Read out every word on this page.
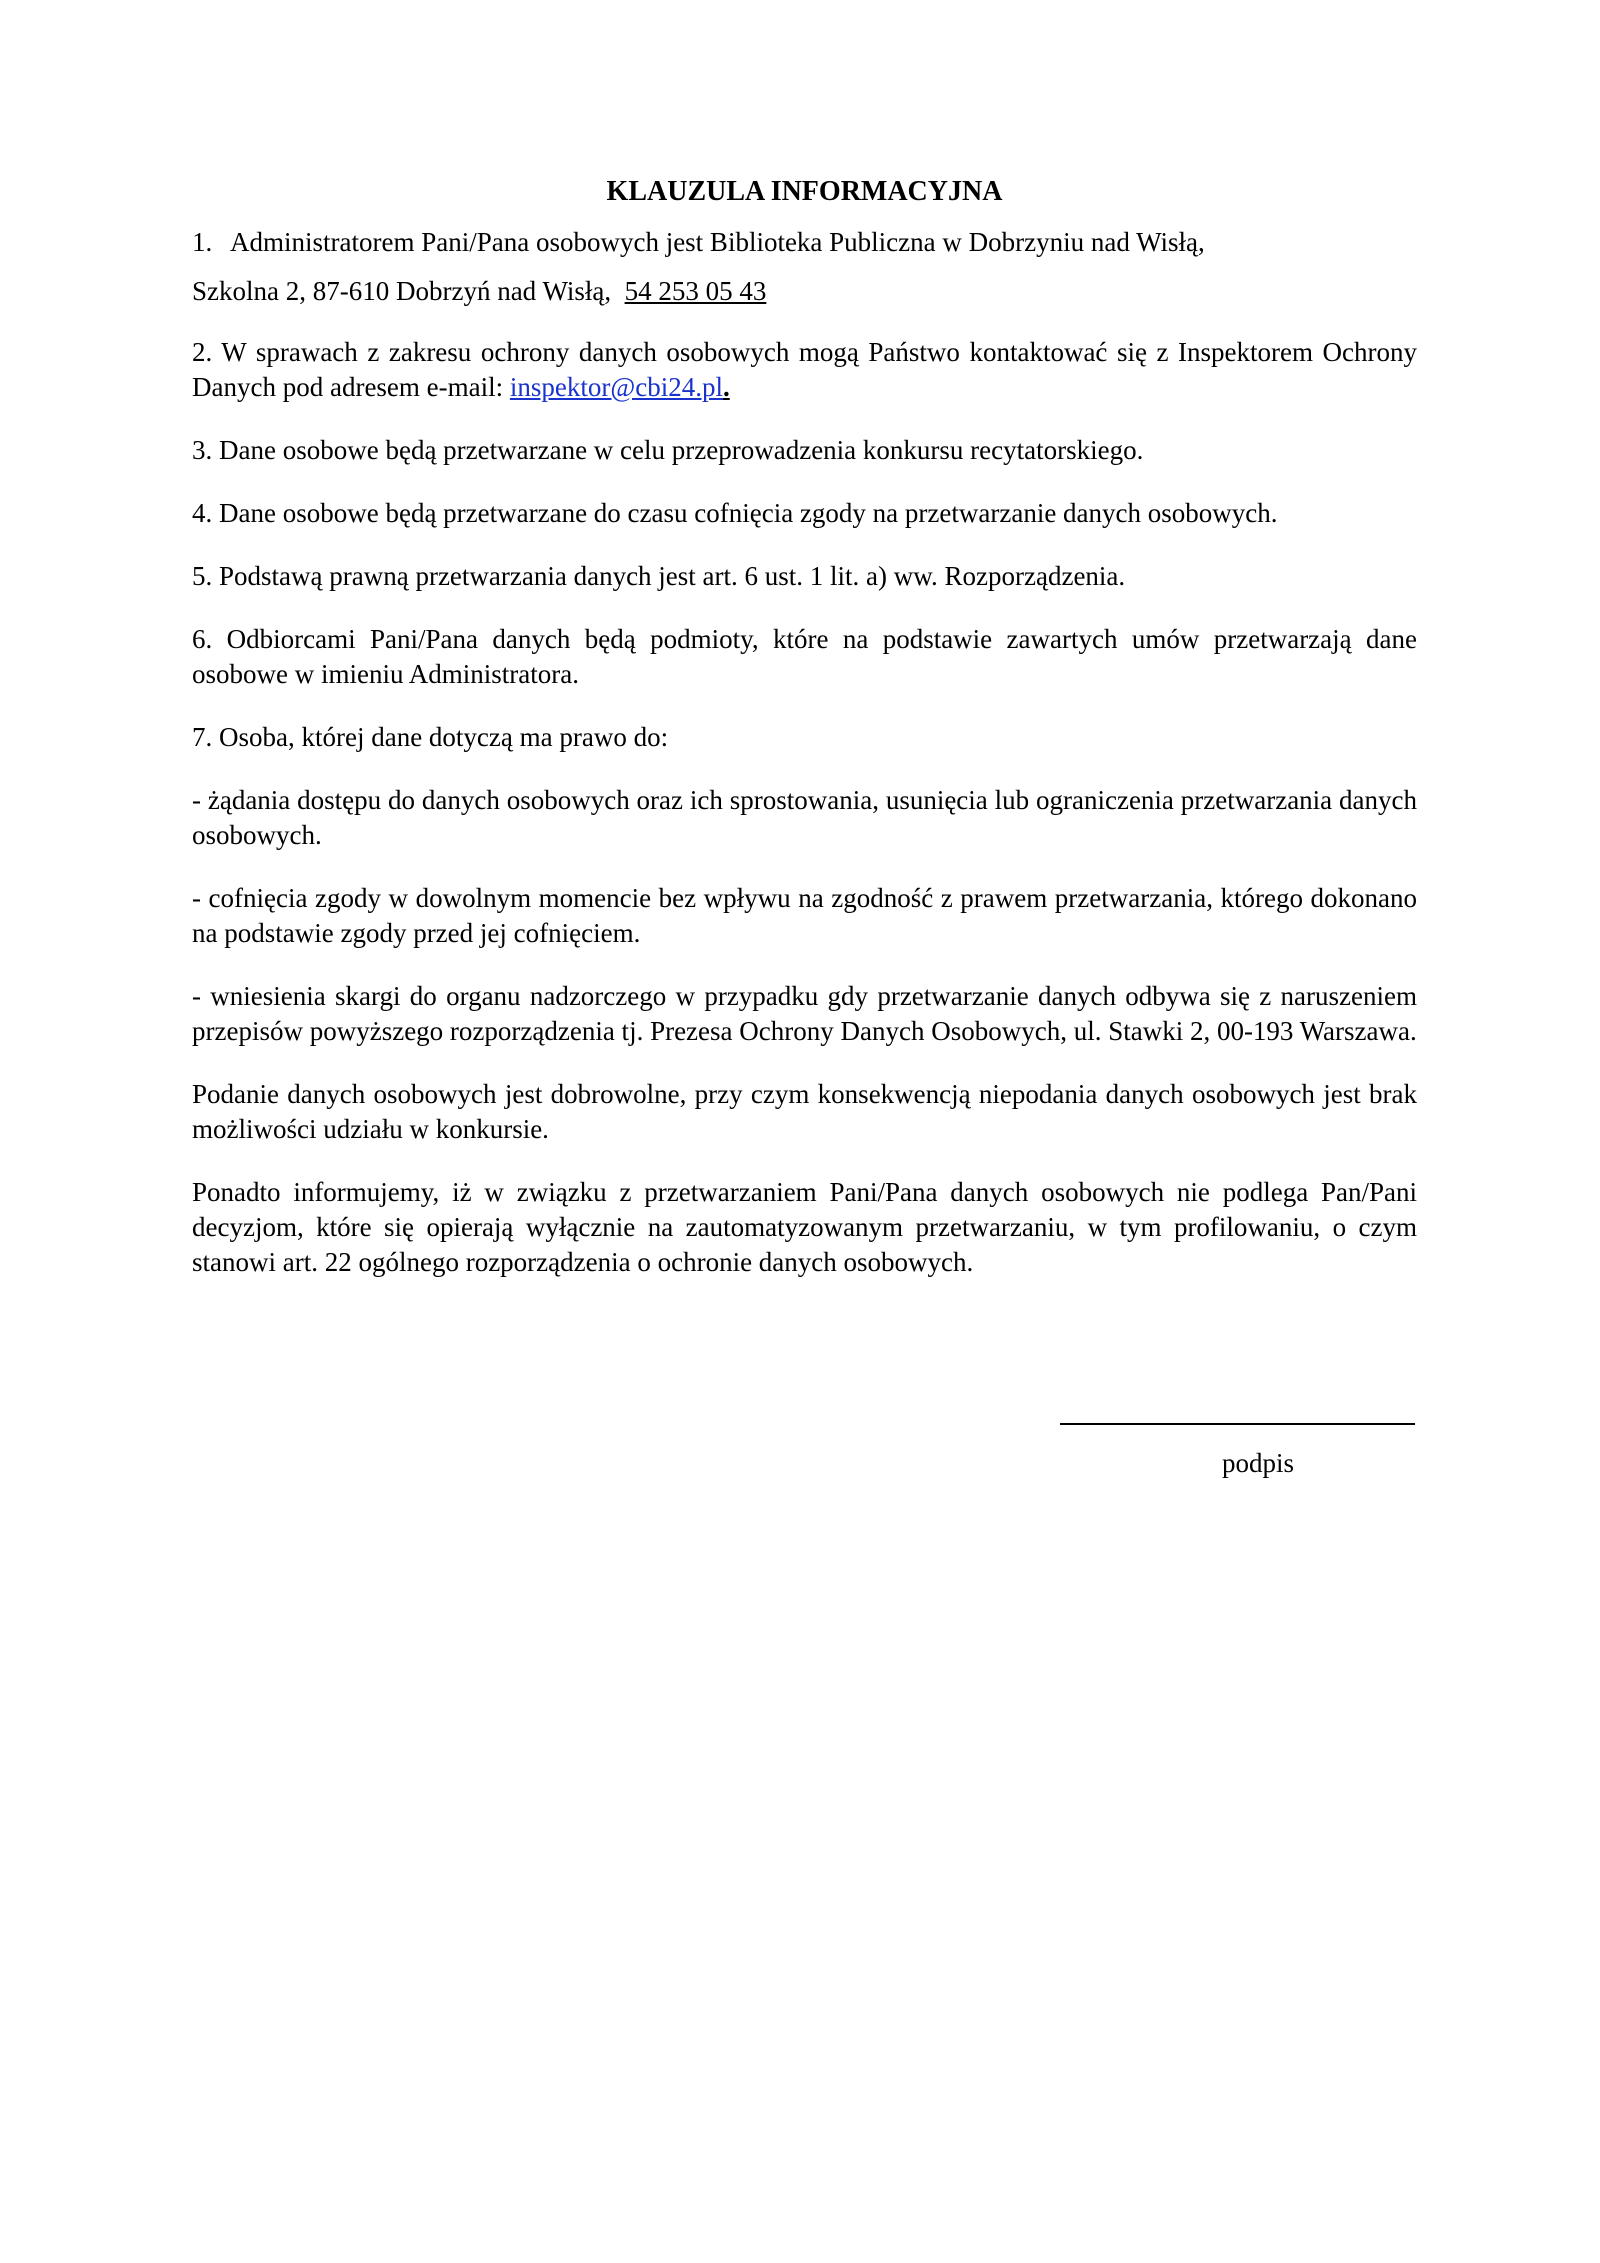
KLAUZULA INFORMACYJNA

1. Administratorem Pani/Pana osobowych jest Biblioteka Publiczna w Dobrzyniu nad Wisłą,

Szkolna 2, 87-610 Dobrzyń nad Wisłą, 54 253 05 43

2. W sprawach z zakresu ochrony danych osobowych mogą Państwo kontaktować się z Inspektorem Ochrony Danych pod adresem e-mail: inspektor@cbi24.pl.

3. Dane osobowe będą przetwarzane w celu przeprowadzenia konkursu recytatorskiego.

4. Dane osobowe będą przetwarzane do czasu cofnięcia zgody na przetwarzanie danych osobowych.

5. Podstawą prawną przetwarzania danych jest art. 6 ust. 1 lit. a) ww. Rozporządzenia.

6. Odbiorcami Pani/Pana danych będą podmioty, które na podstawie zawartych umów przetwarzają dane osobowe w imieniu Administratora.

7. Osoba, której dane dotyczą ma prawo do:

- żądania dostępu do danych osobowych oraz ich sprostowania, usunięcia lub ograniczenia przetwarzania danych osobowych.

- cofnięcia zgody w dowolnym momencie bez wpływu na zgodność z prawem przetwarzania, którego dokonano na podstawie zgody przed jej cofnięciem.

- wniesienia skargi do organu nadzorczego w przypadku gdy przetwarzanie danych odbywa się z naruszeniem przepisów powyższego rozporządzenia tj. Prezesa Ochrony Danych Osobowych, ul. Stawki 2, 00-193 Warszawa.

Podanie danych osobowych jest dobrowolne, przy czym konsekwencją niepodania danych osobowych jest brak możliwości udziału w konkursie.

Ponadto informujemy, iż w związku z przetwarzaniem Pani/Pana danych osobowych nie podlega Pan/Pani decyzjom, które się opierają wyłącznie na zautomatyzowanym przetwarzaniu, w tym profilowaniu, o czym stanowi art. 22 ogólnego rozporządzenia o ochronie danych osobowych.

podpis
